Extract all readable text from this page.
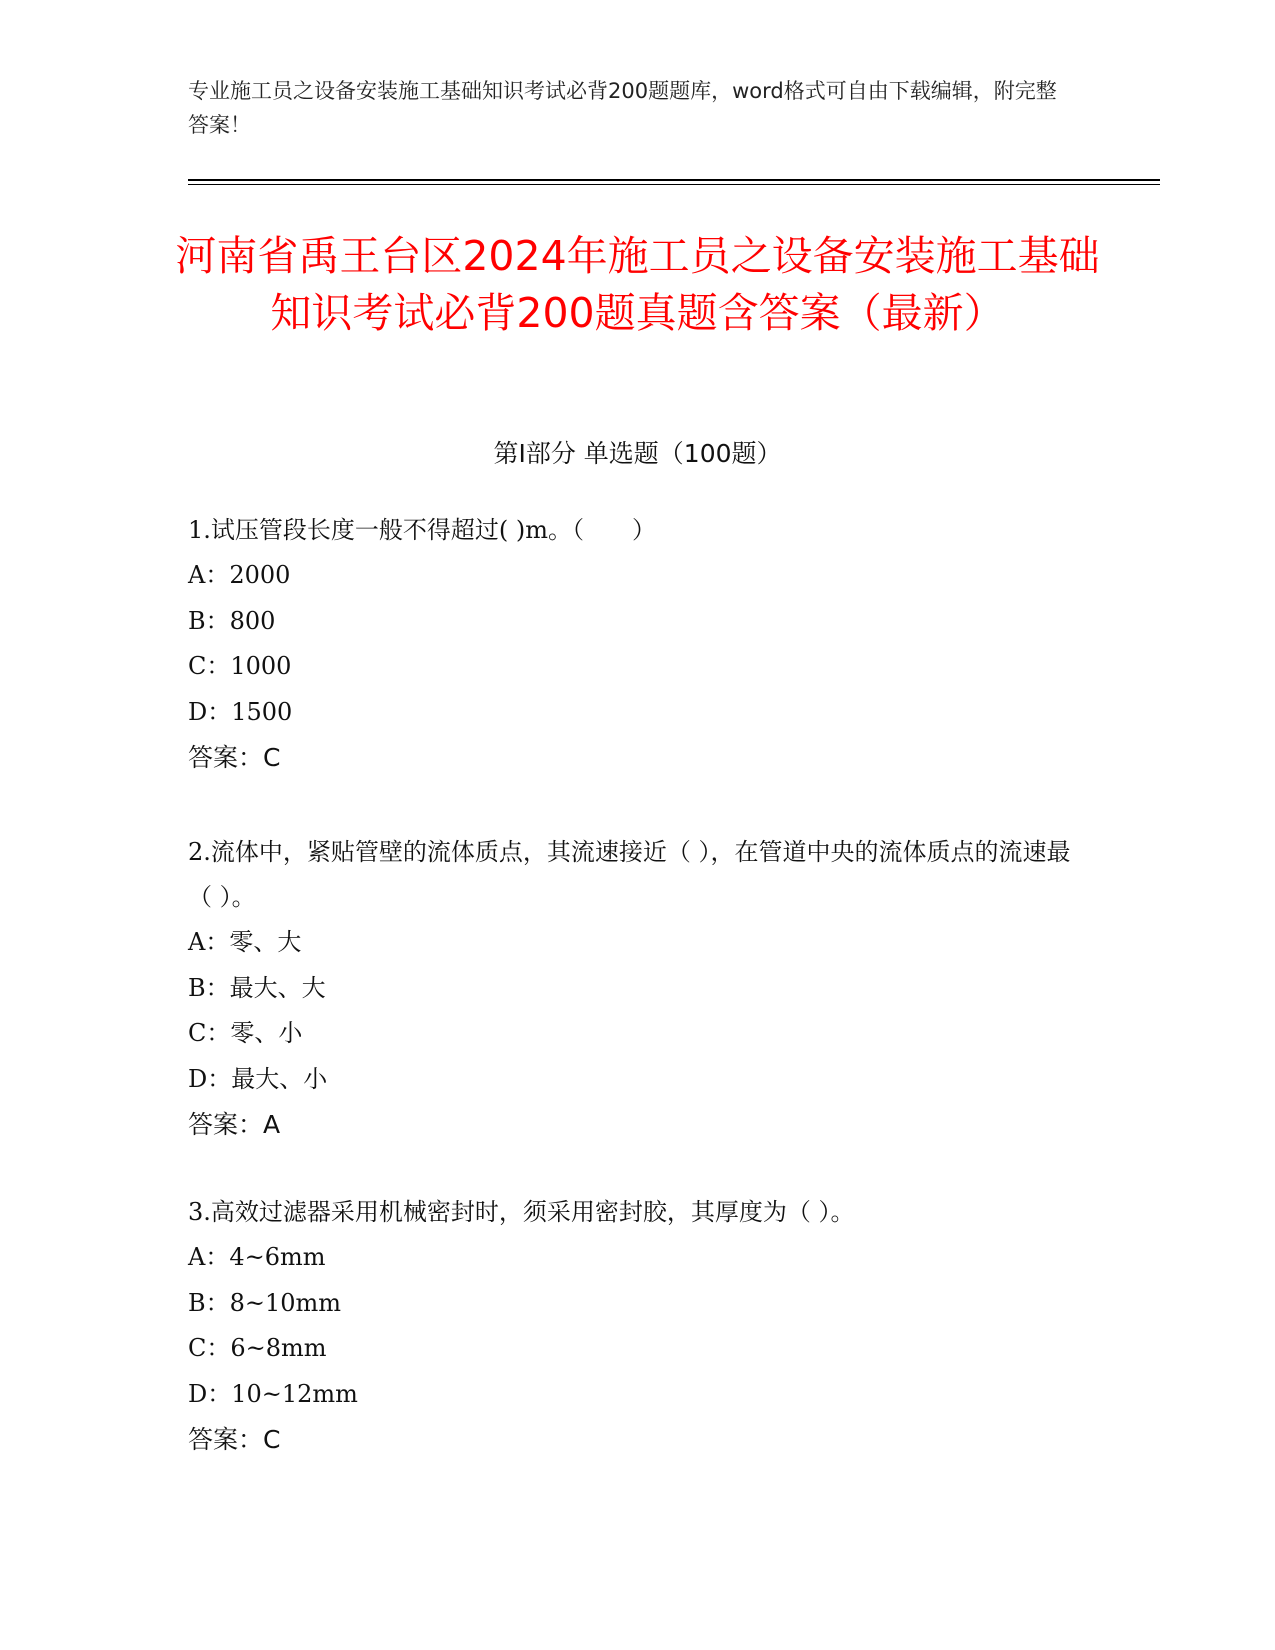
专业施工员之设备安装施工基础知识考试必背200题题库，word格式可自由下载编辑，附完整答案！
河南省禹王台区2024年施工员之设备安装施工基础知识考试必背200题真题含答案（最新）
第I部分 单选题（100题）
1.试压管段长度一般不得超过( )m。（　　）
A：2000
B：800
C：1000
D：1500
答案：C
2.流体中，紧贴管壁的流体质点，其流速接近（ ），在管道中央的流体质点的流速最（ ）。
A：零、大
B：最大、大
C：零、小
D：最大、小
答案：A
3.高效过滤器采用机械密封时，须采用密封胶，其厚度为（ ）。
A：4~6mm
B：8~10mm
C：6~8mm
D：10~12mm
答案：C
